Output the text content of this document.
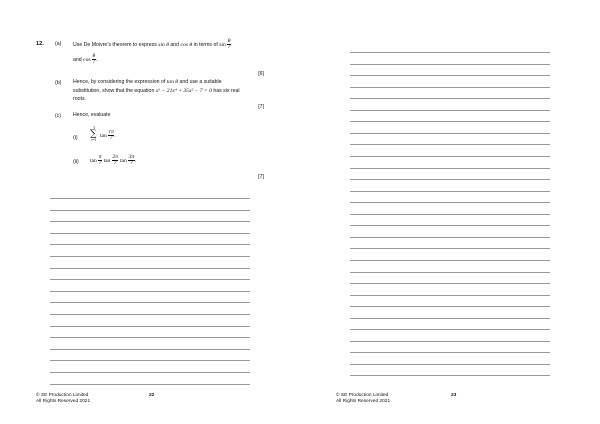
12. (a) Use De Moivre’s theorem to express sin θ and cos θ in terms of $\sin \frac{\theta}{7}$
and $\cos \frac{\theta}{7}$ .
[6]
(b) Hence, by considering the expression of tan θ and use a suitable
substitution, show that the equation x⁶ − 21x⁴ + 35x² − 7 = 0 has six real
roots.
[7]
(c) Hence, evaluate
(i)
3
∑
r=1
$\tan \frac{r\pi}{7}$ .
(ii) $\tan \frac{\pi}{7}$ $\tan \frac{2\pi}{7}$ $\tan \frac{3\pi}{7}$ .
[7]
© SE Production Limited
All Rights Reserved 2021
22	© SE Production Limited
All Rights Reserved 2021
23
